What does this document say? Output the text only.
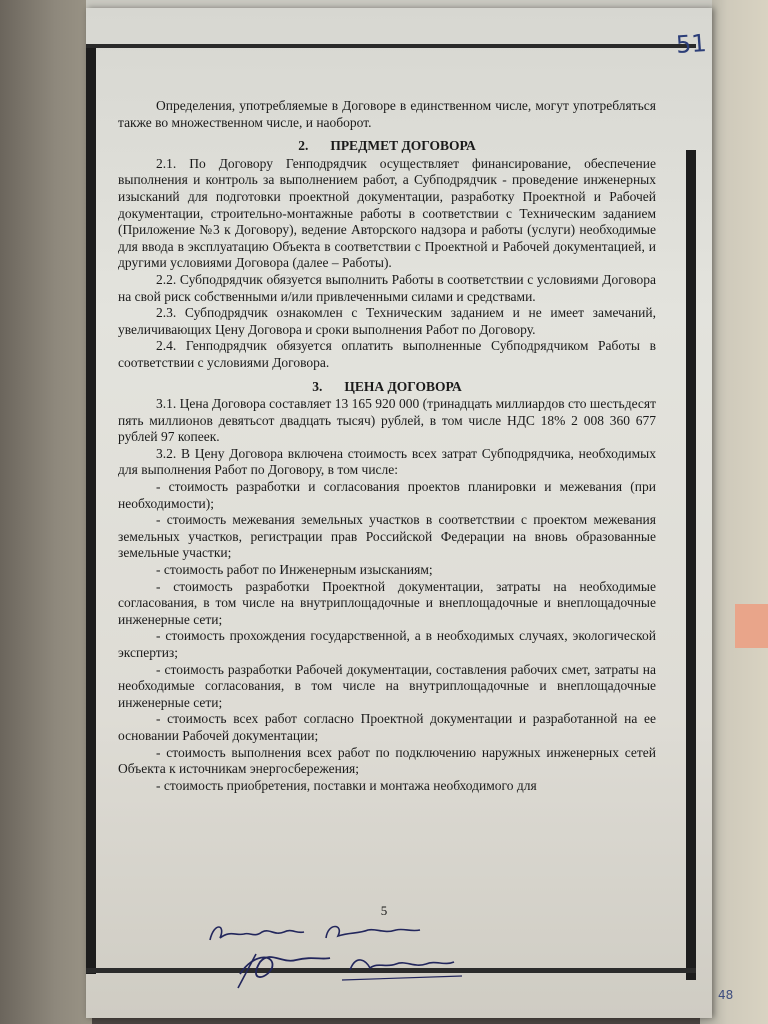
51
48

Определения, употребляемые в Договоре в единственном числе, могут употребляться также во множественном числе, и наоборот.

2. ПРЕДМЕТ ДОГОВОРА

2.1. По Договору Генподрядчик осуществляет финансирование, обеспечение выполнения и контроль за выполнением работ, а Субподрядчик - проведение инженерных изысканий для подготовки проектной документации, разработку Проектной и Рабочей документации, строительно-монтажные работы в соответствии с Техническим заданием (Приложение №3 к Договору), ведение Авторского надзора и работы (услуги) необходимые для ввода в эксплуатацию Объекта в соответствии с Проектной и Рабочей документацией, и другими условиями Договора (далее – Работы).

2.2. Субподрядчик обязуется выполнить Работы в соответствии с условиями Договора на свой риск собственными и/или привлеченными силами и средствами.

2.3. Субподрядчик ознакомлен с Техническим заданием и не имеет замечаний, увеличивающих Цену Договора и сроки выполнения Работ по Договору.

2.4. Генподрядчик обязуется оплатить выполненные Субподрядчиком Работы в соответствии с условиями Договора.

3. ЦЕНА ДОГОВОРА

3.1. Цена Договора составляет 13 165 920 000 (тринадцать миллиардов сто шестьдесят пять миллионов девятьсот двадцать тысяч) рублей, в том числе НДС 18% 2 008 360 677 рублей 97 копеек.

3.2. В Цену Договора включена стоимость всех затрат Субподрядчика, необходимых для выполнения Работ по Договору, в том числе:

- стоимость разработки и согласования проектов планировки и межевания (при необходимости);

- стоимость межевания земельных участков в соответствии с проектом межевания земельных участков, регистрации прав Российской Федерации на вновь образованные земельные участки;

- стоимость работ по Инженерным изысканиям;

- стоимость разработки Проектной документации, затраты на необходимые согласования, в том числе на внутриплощадочные и внеплощадочные и внеплощадочные инженерные сети;

- стоимость прохождения государственной, а в необходимых случаях, экологической экспертиз;

- стоимость разработки Рабочей документации, составления рабочих смет, затраты на необходимые согласования, в том числе на внутриплощадочные и внеплощадочные инженерные сети;

- стоимость всех работ согласно Проектной документации и разработанной на ее основании Рабочей документации;

- стоимость выполнения всех работ по подключению наружных инженерных сетей Объекта к источникам энергосбережения;

- стоимость приобретения, поставки и монтажа необходимого для

5
